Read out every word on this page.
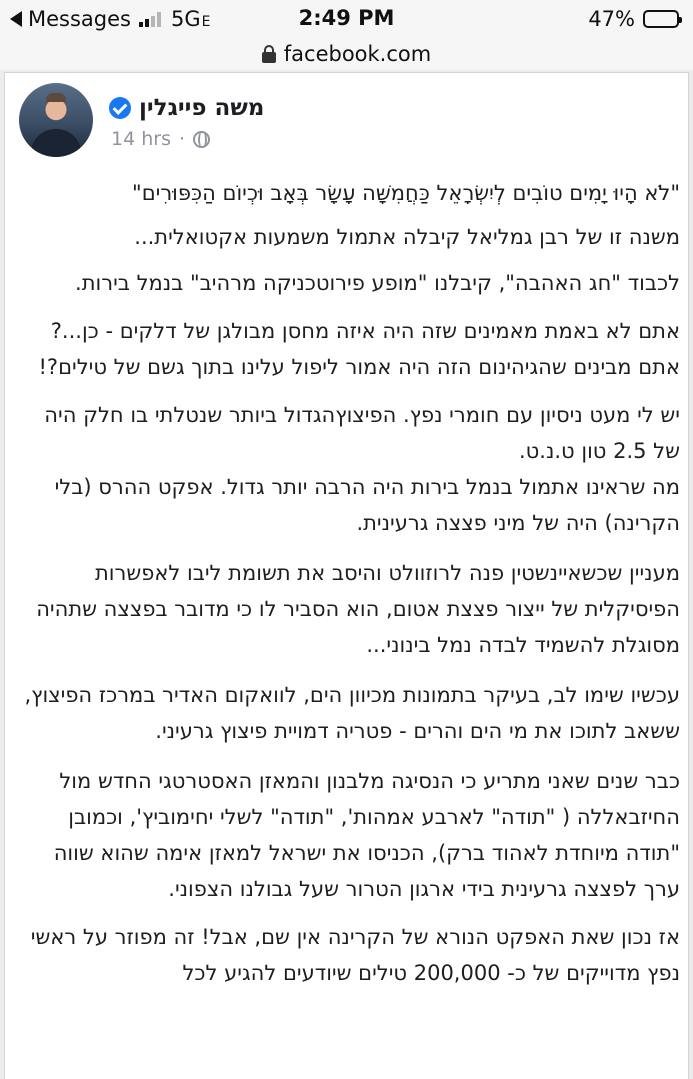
Messages 5GE	2:49 PM	47%
facebook.com
משה פייגלין
14 hrs ·

"לֹא הָיוּ יָמִים טוֹבִים לְיִשְׂרָאֵל כַּחֲמִשָּׁה עָשָׂר בְּאָב וּכְיוֹם הַכִּפּוּרִים"

משנה זו של רבן גמליאל קיבלה אתמול משמעות אקטואלית...

לכבוד "חג האהבה", קיבלנו "מופע פירוטכניקה מרהיב" בנמל בירות.

אתם לא באמת מאמינים שזה היה איזה מחסן מבולגן של דלקים - כן...? אתם מבינים שהגיהינום הזה היה אמור ליפול עלינו בתוך גשם של טילים?!

יש לי מעט ניסיון עם חומרי נפץ. הפיצוץהגדול ביותר שנטלתי בו חלק היה של 2.5 טון ט.נ.ט.

מה שראינו אתמול בנמל בירות היה הרבה יותר גדול. אפקט ההרס (בלי הקרינה) היה של מיני פצצה גרעינית.

מעניין שכשאיינשטין פנה לרוזוולט והיסב את תשומת ליבו לאפשרות הפיסיקלית של ייצור פצצת אטום, הוא הסביר לו כי מדובר בפצצה שתהיה מסוגלת להשמיד לבדה נמל בינוני...

עכשיו שימו לב, בעיקר בתמונות מכיוון הים, לוואקום האדיר במרכז הפיצוץ, ששאב לתוכו את מי הים והרים - פטריה דמויית פיצוץ גרעיני.

כבר שנים שאני מתריע כי הנסיגה מלבנון והמאזן האסטרטגי החדש מול החיזבאללה ( "תודה" לארבע אמהות', "תודה" לשלי יחימוביץ', וכמובן "תודה מיוחדת לאהוד ברק), הכניסו את ישראל למאזן אימה שהוא שווה ערך לפצצה גרעינית בידי ארגון הטרור שעל גבולנו הצפוני.

אז נכון שאת האפקט הנורא של הקרינה אין שם, אבל! זה מפוזר על ראשי נפץ מדוייקים של כ- 200,000 טילים שיודעים להגיע לכל
